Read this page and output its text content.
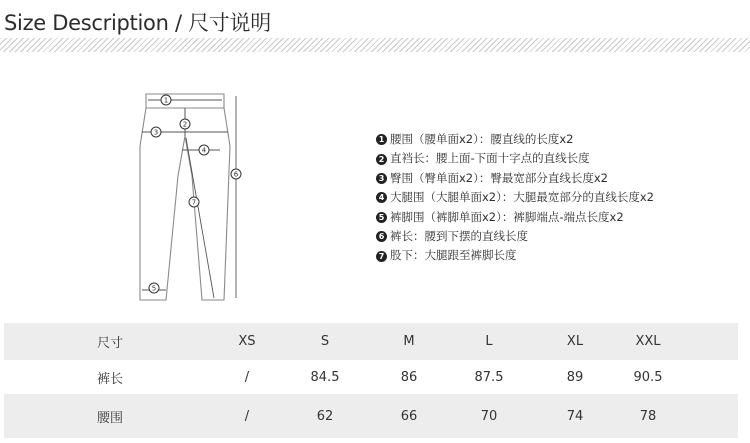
Size Description / 尺寸说明
1
2
3
4
5
6
7
1 腰围（腰单面x2）：腰直线的长度x2
2 直裆长：腰上面-下面十字点的直线长度
3 臀围（臀单面x2）：臀最宽部分直线长度x2
4 大腿围（大腿单面x2）：大腿最宽部分的直线长度x2
5 裤脚围（裤脚单面x2）：裤脚端点-端点长度x2
6 裤长：腰到下摆的直线长度
7 股下：大腿跟至裤脚长度
尺寸	XS	S	M	L	XL	XXL
裤长	/	84.5	86	87.5	89	90.5
腰围	/	62	66	70	74	78
